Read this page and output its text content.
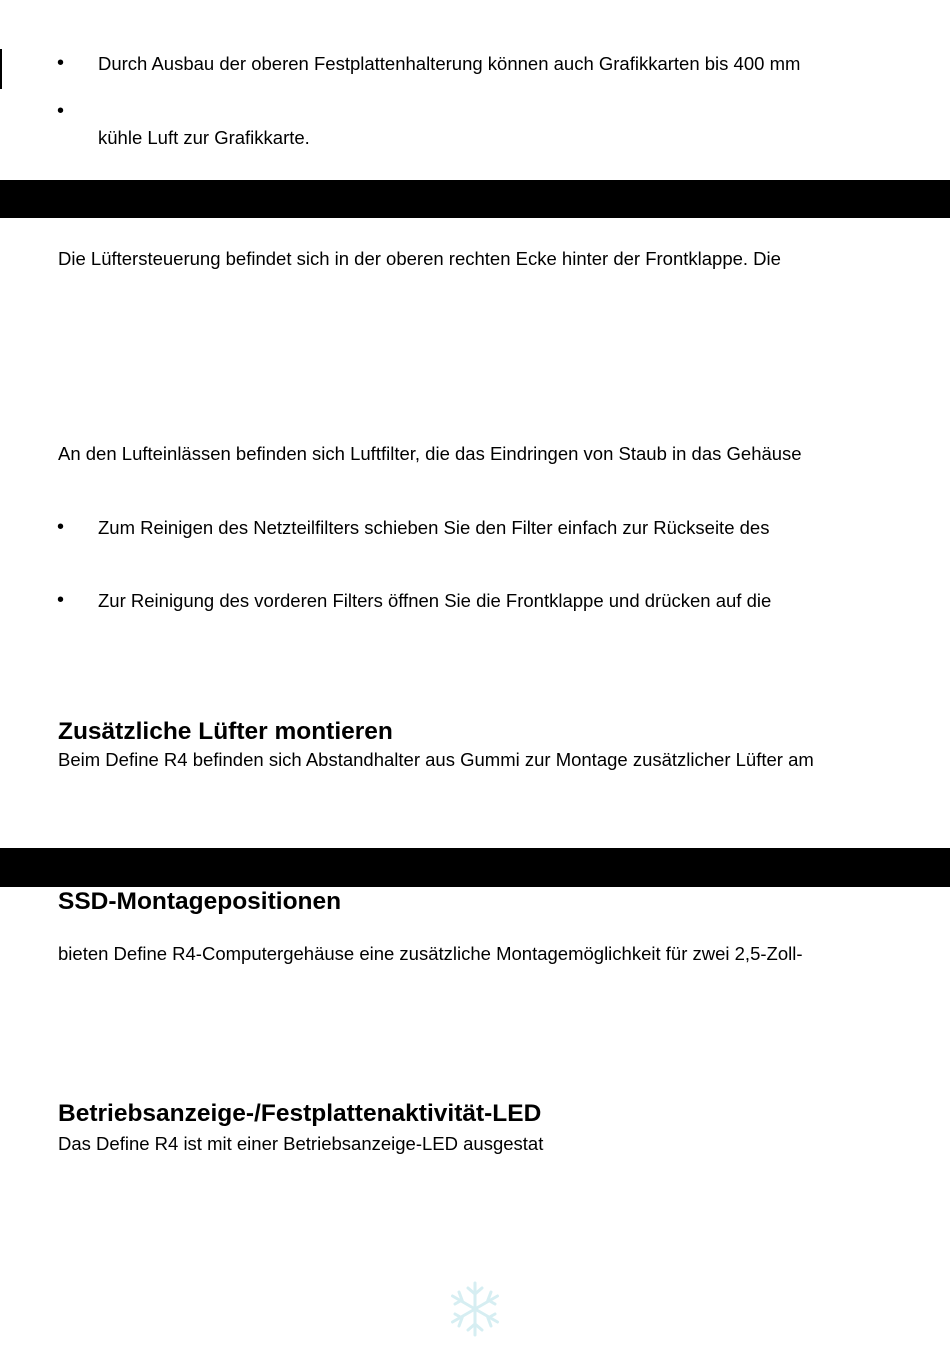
• Durch Ausbau der oberen Festplattenhalterung können auch Grafikkarten bis 400 mm
•
kühle Luft zur Grafikkarte.

Die Lüftersteuerung befindet sich in der oberen rechten Ecke hinter der Frontklappe. Die

An den Lufteinlässen befinden sich Luftfilter, die das Eindringen von Staub in das Gehäuse

• Zum Reinigen des Netzteilfilters schieben Sie den Filter einfach zur Rückseite des
• Zur Reinigung des vorderen Filters öffnen Sie die Frontklappe und drücken auf die
Zusätzliche Lüfter montieren

Beim Define R4 befinden sich Abstandhalter aus Gummi zur Montage zusätzlicher Lüfter am

SSD-Montagepositionen

bieten Define R4-Computergehäuse eine zusätzliche Montagemöglichkeit für zwei 2,5-Zoll-

Betriebsanzeige-/Festplattenaktivität-LED

Das Define R4 ist mit einer Betriebsanzeige-LED ausgestat
